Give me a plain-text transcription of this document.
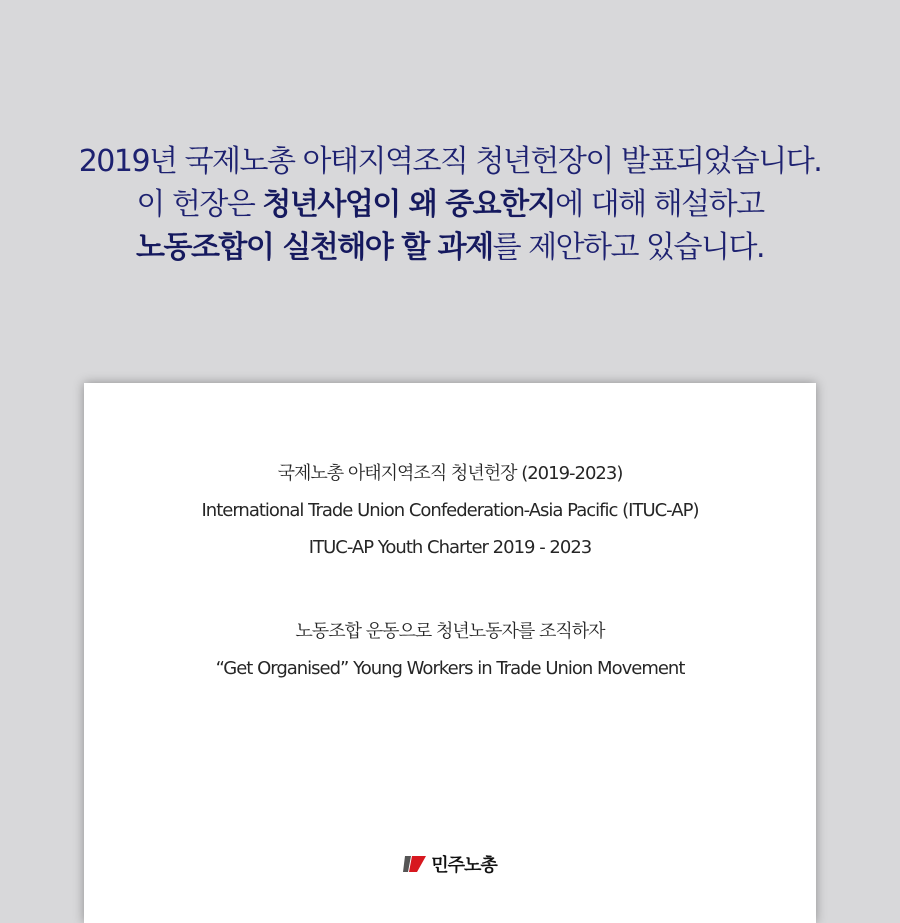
2019년 국제노총 아태지역조직 청년헌장이 발표되었습니다.
이 헌장은 청년사업이 왜 중요한지에 대해 해설하고
노동조합이 실천해야 할 과제를 제안하고 있습니다.
국제노총 아태지역조직 청년헌장 (2019-2023)
International Trade Union Confederation-Asia Pacific (ITUC-AP)
ITUC-AP Youth Charter 2019 - 2023
노동조합 운동으로 청년노동자를 조직하자
“Get Organised” Young Workers in Trade Union Movement
민주노총
